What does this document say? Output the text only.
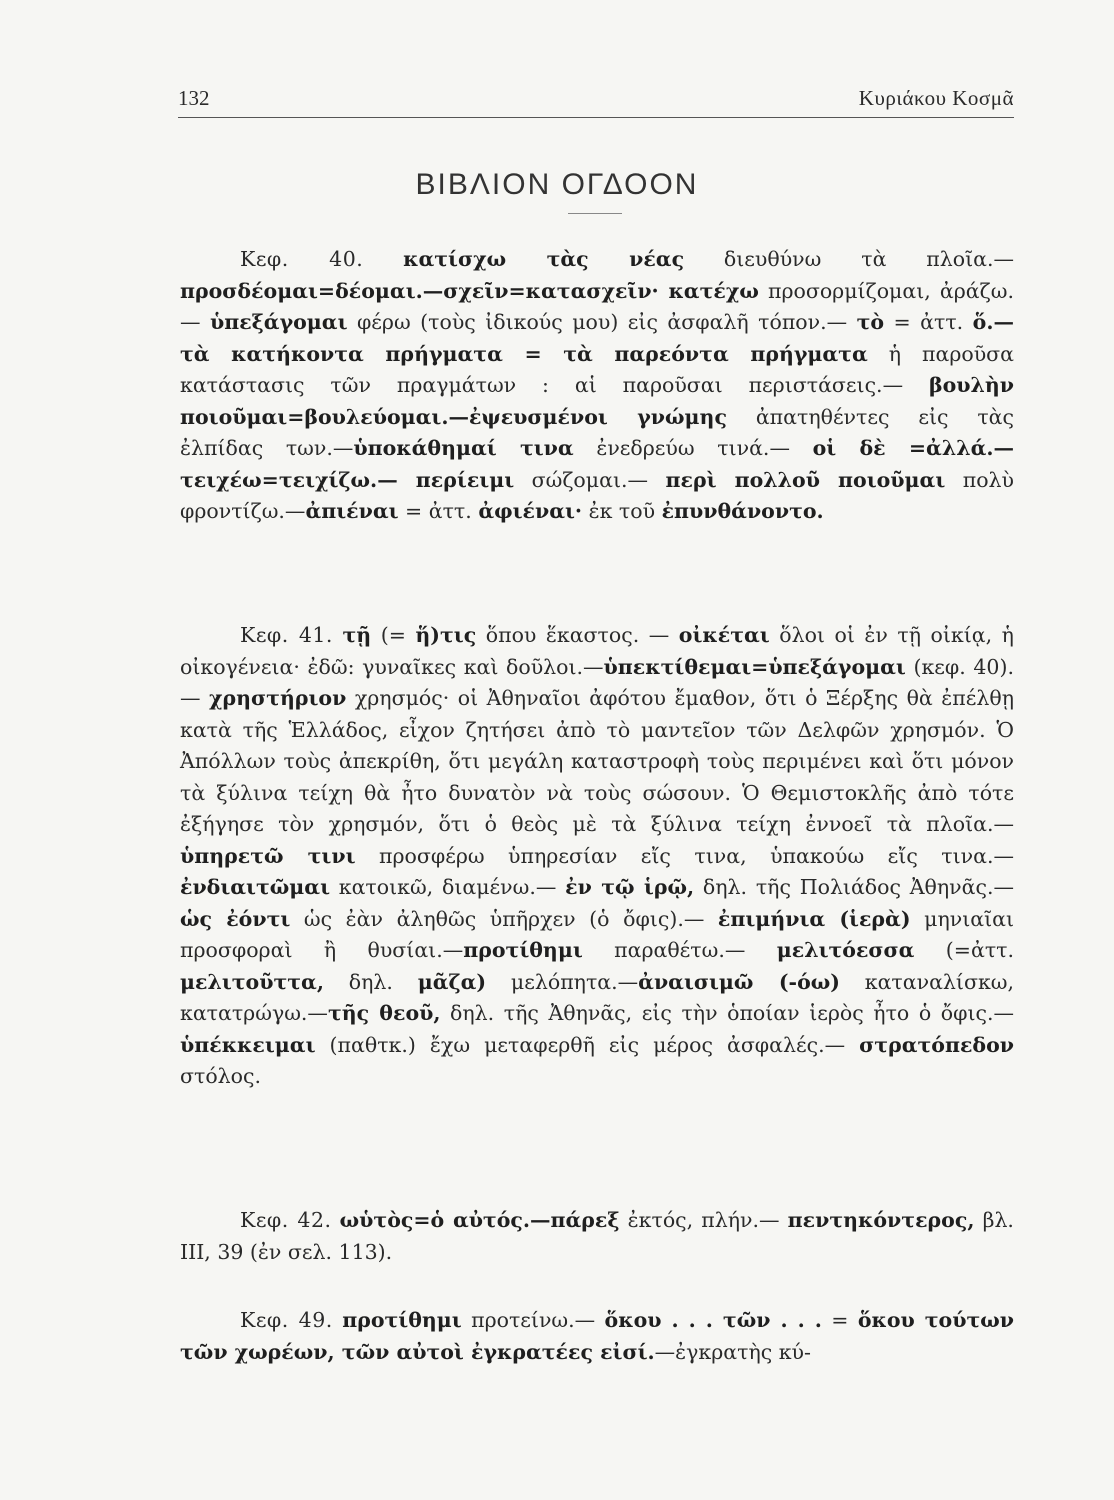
132	Κυριάκου Κοσμᾶ
ΒΙΒΛΙΟΝ ΟΓΔΟΟΝ

Κεφ. 40. κατίσχω τὰς νέας διευθύνω τὰ πλοῖα.— προσδέομαι=δέομαι.—σχεῖν=κατασχεῖν· κατέχω προσορμίζομαι, ἀράζω. — ὑπεξάγομαι φέρω (τοὺς ἰδικούς μου) εἰς ἀσφαλῆ τόπον.— τὸ = ἀττ. ὅ.— τὰ κατήκοντα πρήγματα = τὰ παρεόντα πρήγματα ἡ παροῦσα κατάστασις τῶν πραγμάτων : αἱ παροῦσαι περιστάσεις.— βουλὴν ποιοῦμαι=βουλεύομαι.—ἐψευσμένοι γνώμης ἀπατηθέντες εἰς τὰς ἐλπίδας των.—ὑποκάθημαί τινα ἐνεδρεύω τινά.— οἱ δὲ =ἀλλά.— τειχέω=τειχίζω.— περίειμι σώζομαι.— περὶ πολλοῦ ποιοῦμαι πολὺ φροντίζω.—ἀπιέναι = ἀττ. ἀφιέναι· ἐκ τοῦ ἐπυνθάνοντο.

Κεφ. 41. τῇ (= ἥ)τις ὅπου ἕκαστος. — οἰκέται ὅλοι οἱ ἐν τῇ οἰκίᾳ, ἡ οἰκογένεια· ἐδῶ: γυναῖκες καὶ δοῦλοι.—ὑπεκτίθεμαι=ὑπεξάγομαι (κεφ. 40).— χρηστήριον χρησμός· οἱ Ἀθηναῖοι ἀφότου ἔμαθον, ὅτι ὁ Ξέρξης θὰ ἐπέλθῃ κατὰ τῆς Ἑλλάδος, εἶχον ζητήσει ἀπὸ τὸ μαντεῖον τῶν Δελφῶν χρησμόν. Ὁ Ἀπόλλων τοὺς ἀπεκρίθη, ὅτι μεγάλη καταστροφὴ τοὺς περιμένει καὶ ὅτι μόνον τὰ ξύλινα τείχη θὰ ἦτο δυνατὸν νὰ τοὺς σώσουν. Ὁ Θεμιστοκλῆς ἀπὸ τότε ἐξήγησε τὸν χρησμόν, ὅτι ὁ θεὸς μὲ τὰ ξύλινα τείχη ἐννοεῖ τὰ πλοῖα.— ὑπηρετῶ τινι προσφέρω ὑπηρεσίαν εἴς τινα, ὑπακούω εἴς τινα.—ἐνδιαιτῶμαι κατοικῶ, διαμένω.— ἐν τῷ ἱρῷ, δηλ. τῆς Πολιάδος Ἀθηνᾶς.— ὡς ἐόντι ὡς ἐὰν ἀληθῶς ὑπῆρχεν (ὁ ὄφις).— ἐπιμήνια (ἱερὰ) μηνιαῖαι προσφοραὶ ἢ θυσίαι.—προτίθημι παραθέτω.— μελιτόεσσα (=ἀττ. μελιτοῦττα, δηλ. μᾶζα) μελόπητα.—ἀναισιμῶ (-όω) καταναλίσκω, κατατρώγω.—τῆς θεοῦ, δηλ. τῆς Ἀθηνᾶς, εἰς τὴν ὁποίαν ἱερὸς ἦτο ὁ ὄφις.—ὑπέκκειμαι (παθτκ.) ἔχω μεταφερθῆ εἰς μέρος ἀσφαλές.— στρατόπεδον στόλος.

Κεφ. 42. ωὑτὸς=ὁ αὐτός.—πάρεξ ἐκτός, πλήν.— πεντηκόντερος, βλ. ΙΙΙ, 39 (ἐν σελ. 113).

Κεφ. 49. προτίθημι προτείνω.— ὅκου . . . τῶν . . . = ὅκου τούτων τῶν χωρέων, τῶν αὐτοὶ ἐγκρατέες εἰσί.—ἐγκρατὴς κύ-
